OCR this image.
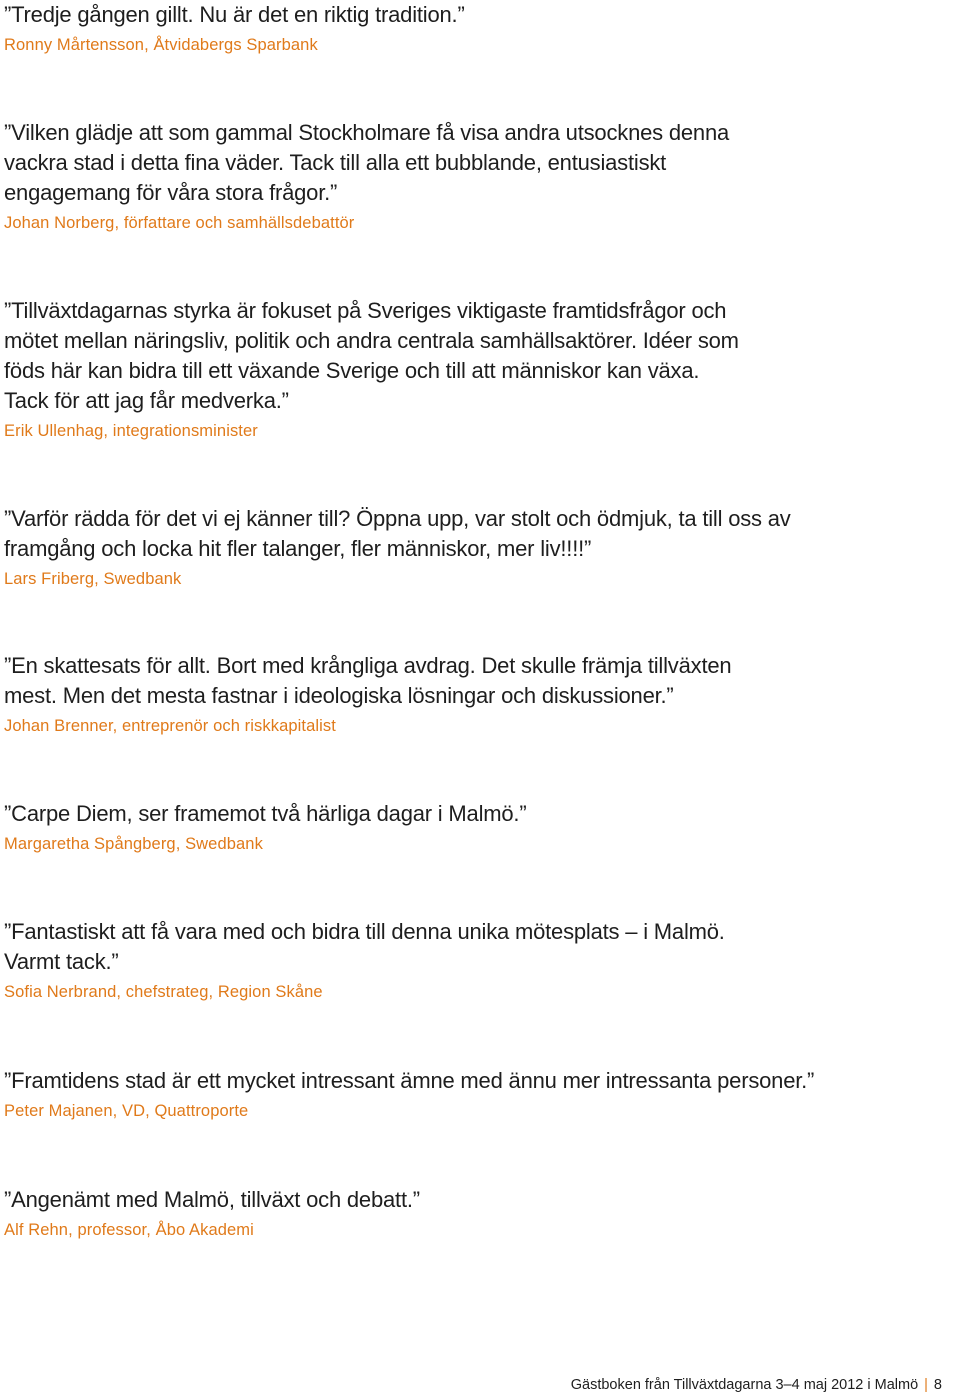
”Tredje gången gillt. Nu är det en riktig tradition.”

Ronny Mårtensson, Åtvidabergs Sparbank

”Vilken glädje att som gammal Stockholmare få visa andra utsocknes denna
vackra stad i detta fina väder. Tack till alla ett bubblande, entusiastiskt
engagemang för våra stora frågor.”

Johan Norberg, författare och samhällsdebattör

”Tillväxtdagarnas styrka är fokuset på Sveriges viktigaste framtidsfrågor och
mötet mellan näringsliv, politik och andra centrala samhällsaktörer. Idéer som
föds här kan bidra till ett växande Sverige och till att människor kan växa.
Tack för att jag får medverka.”

Erik Ullenhag, integrationsminister

”Varför rädda för det vi ej känner till? Öppna upp, var stolt och ödmjuk, ta till oss av
framgång och locka hit fler talanger, fler människor, mer liv!!!!”

Lars Friberg, Swedbank

”En skattesats för allt. Bort med krångliga avdrag. Det skulle främja tillväxten
mest. Men det mesta fastnar i ideologiska lösningar och diskussioner.”

Johan Brenner, entreprenör och riskkapitalist

”Carpe Diem, ser framemot två härliga dagar i Malmö.”

Margaretha Spångberg, Swedbank

”Fantastiskt att få vara med och bidra till denna unika mötesplats – i Malmö.
Varmt tack.”

Sofia Nerbrand, chefstrateg, Region Skåne

”Framtidens stad är ett mycket intressant ämne med ännu mer intressanta personer.”

Peter Majanen, VD, Quattroporte

”Angenämt med Malmö, tillväxt och debatt.”

Alf Rehn, professor, Åbo Akademi

Gästboken från Tillväxtdagarna 3–4 maj 2012 i Malmö | 8
